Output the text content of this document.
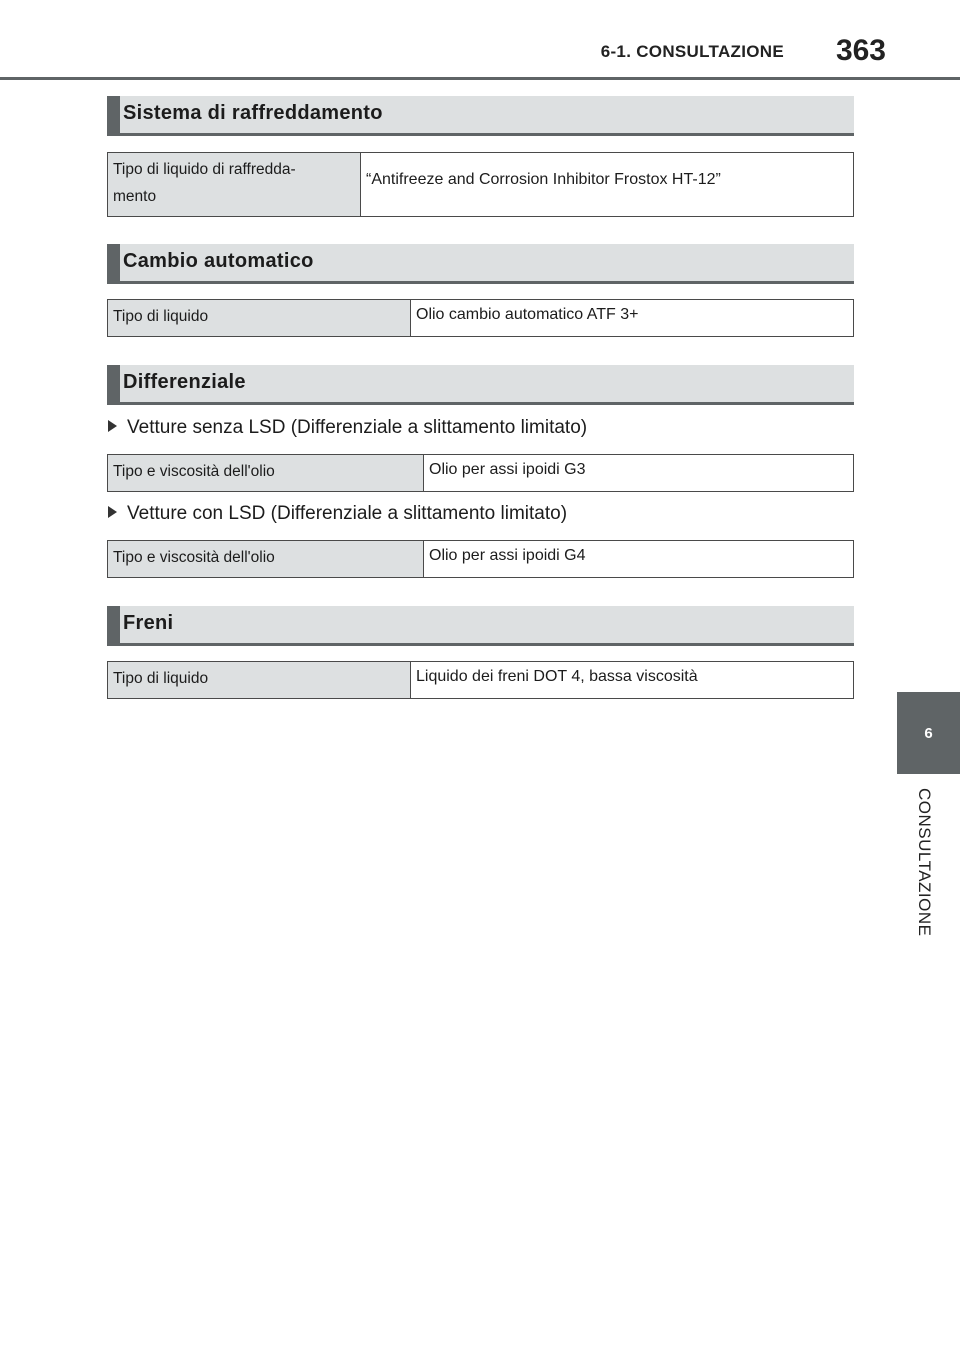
6-1. CONSULTAZIONE 363
6
CONSULTAZIONE
Sistema di raffreddamento
Tipo di liquido di raffredda-
mento	“Antifreeze and Corrosion Inhibitor Frostox HT-12”
Cambio automatico
Tipo di liquido	Olio cambio automatico ATF 3+
Differenziale
Vetture senza LSD (Differenziale a slittamento limitato)
Tipo e viscosità dell'olio	Olio per assi ipoidi G3
Vetture con LSD (Differenziale a slittamento limitato)
Tipo e viscosità dell'olio	Olio per assi ipoidi G4
Freni
Tipo di liquido	Liquido dei freni DOT 4, bassa viscosità
